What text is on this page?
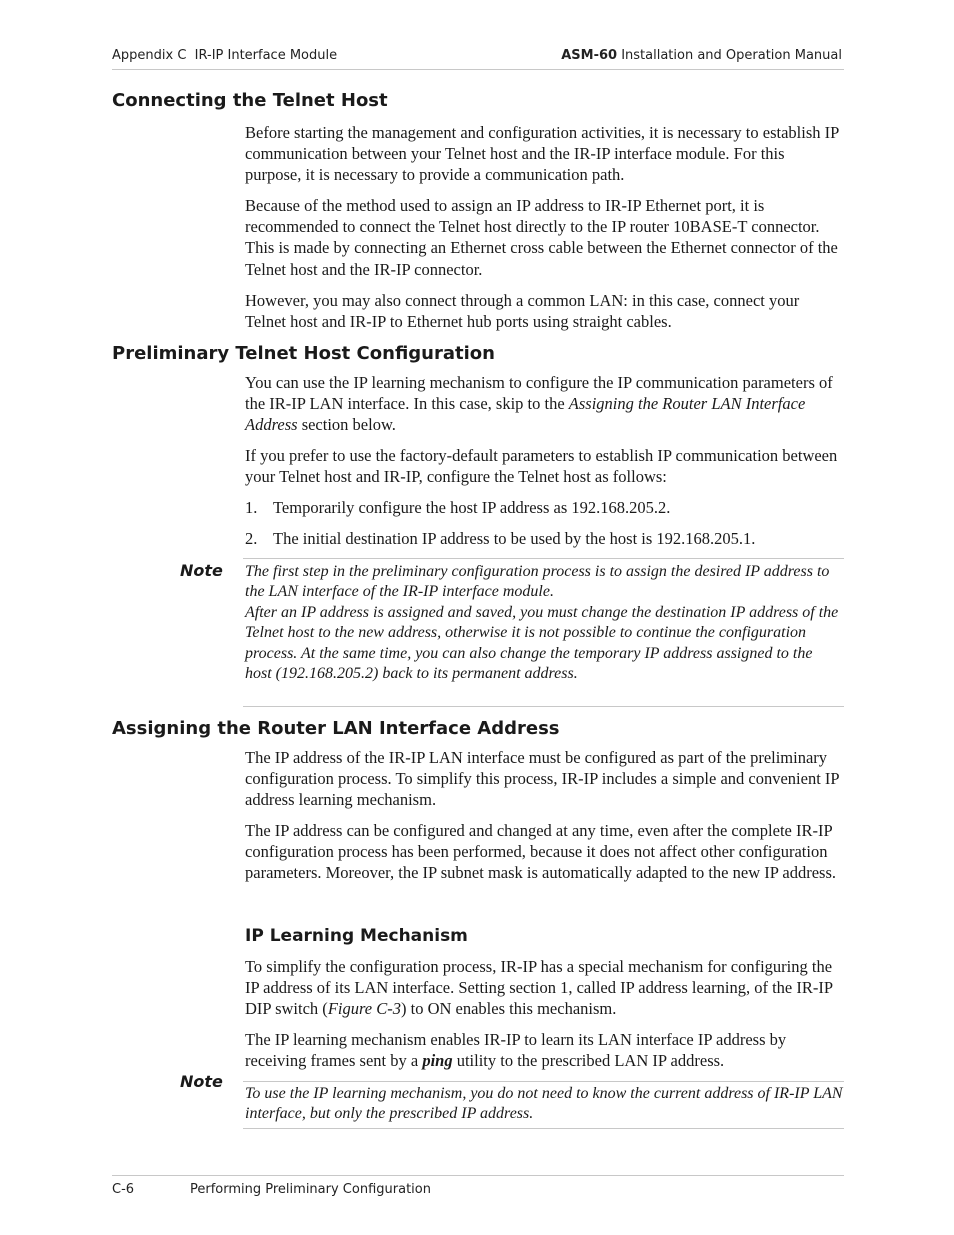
Appendix C  IR-IP Interface Module	ASM-60 Installation and Operation Manual
Connecting the Telnet Host

Before starting the management and configuration activities, it is necessary to establish IP communication between your Telnet host and the IR-IP interface module. For this purpose, it is necessary to provide a communication path.

Because of the method used to assign an IP address to IR-IP Ethernet port, it is recommended to connect the Telnet host directly to the IP router 10BASE-T connector. This is made by connecting an Ethernet cross cable between the Ethernet connector of the Telnet host and the IR-IP connector.

However, you may also connect through a common LAN: in this case, connect your Telnet host and IR-IP to Ethernet hub ports using straight cables.

Preliminary Telnet Host Configuration

You can use the IP learning mechanism to configure the IP communication parameters of the IR-IP LAN interface. In this case, skip to the Assigning the Router LAN Interface Address section below.

If you prefer to use the factory-default parameters to establish IP communication between your Telnet host and IR-IP, configure the Telnet host as follows:

1. Temporarily configure the host IP address as 192.168.205.2.

2. The initial destination IP address to be used by the host is 192.168.205.1.

Note The first step in the preliminary configuration process is to assign the desired IP address to the LAN interface of the IR-IP interface module.

After an IP address is assigned and saved, you must change the destination IP address of the Telnet host to the new address, otherwise it is not possible to continue the configuration process. At the same time, you can also change the temporary IP address assigned to the host (192.168.205.2) back to its permanent address.

Assigning the Router LAN Interface Address

The IP address of the IR-IP LAN interface must be configured as part of the preliminary configuration process. To simplify this process, IR-IP includes a simple and convenient IP address learning mechanism.

The IP address can be configured and changed at any time, even after the complete IR-IP configuration process has been performed, because it does not affect other configuration parameters. Moreover, the IP subnet mask is automatically adapted to the new IP address.

IP Learning Mechanism

To simplify the configuration process, IR-IP has a special mechanism for configuring the IP address of its LAN interface. Setting section 1, called IP address learning, of the IR-IP DIP switch (Figure C-3) to ON enables this mechanism.

The IP learning mechanism enables IR-IP to learn its LAN interface IP address by receiving frames sent by a ping utility to the prescribed LAN IP address.

Note

To use the IP learning mechanism, you do not need to know the current address of IR-IP LAN interface, but only the prescribed IP address.

C-6	Performing Preliminary Configuration
